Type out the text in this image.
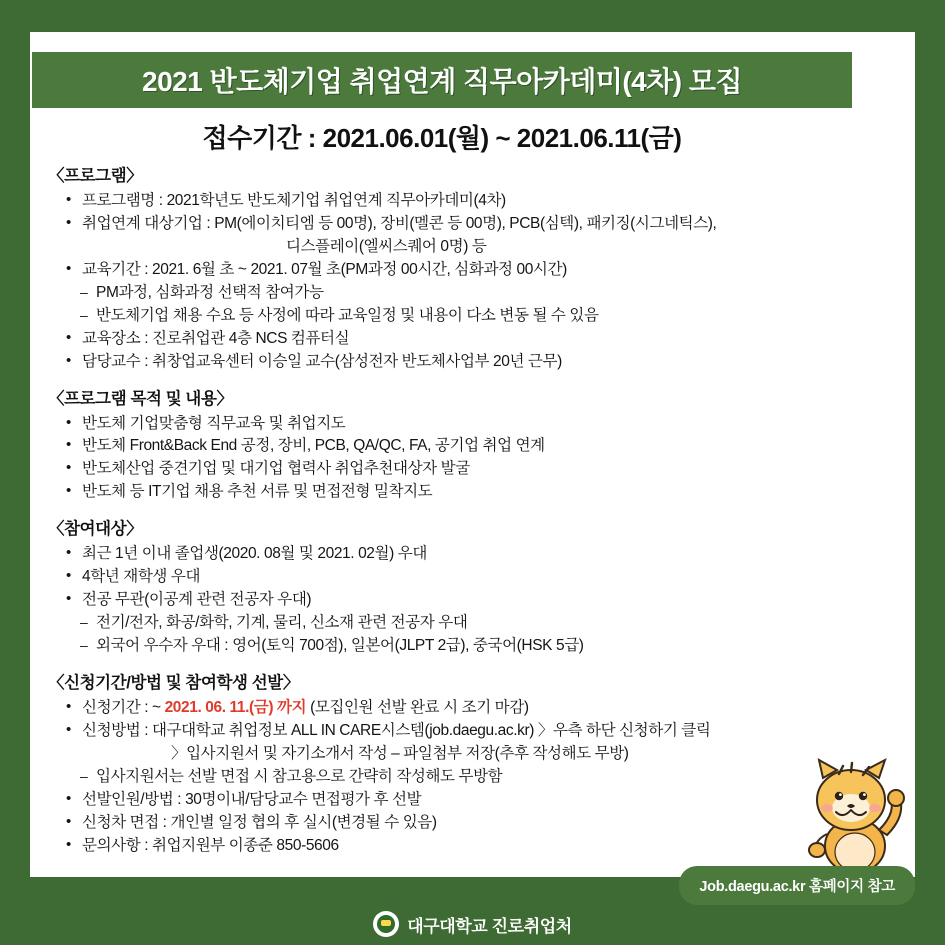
2021 반도체기업 취업연계 직무아카데미(4차) 모집
접수기간 : 2021.06.01(월) ~ 2021.06.11(금)
〈프로그램〉
• 프로그램명 : 2021학년도 반도체기업 취업연계 직무아카데미(4차)
• 취업연계 대상기업 : PM(에이치티엠 등 00명), 장비(멜콘 등 00명), PCB(심텍), 패키징(시그네틱스),
디스플레이(엘씨스퀘어 0명) 등
• 교육기간 : 2021. 6월 초 ~ 2021. 07월 초(PM과정 00시간, 심화과정 00시간)
– PM과정, 심화과정 선택적 참여가능
– 반도체기업 채용 수요 등 사정에 따라 교육일정 및 내용이 다소 변동 될 수 있음
• 교육장소 : 진로취업관 4층 NCS 컴퓨터실
• 담당교수 : 취창업교육센터 이승일 교수(삼성전자 반도체사업부 20년 근무)
〈프로그램 목적 및 내용〉
• 반도체 기업맞춤형 직무교육 및 취업지도
• 반도체 Front&Back End 공정, 장비, PCB, QA/QC, FA, 공기업 취업 연계
• 반도체산업 중견기업 및 대기업 협력사 취업추천대상자 발굴
• 반도체 등 IT기업 채용 추천 서류 및 면접전형 밀착지도
〈참여대상〉
• 최근 1년 이내 졸업생(2020. 08월 및 2021. 02월) 우대
• 4학년 재학생 우대
• 전공 무관(이공계 관련 전공자 우대)
– 전기/전자, 화공/화학, 기계, 물리, 신소재 관련 전공자 우대
– 외국어 우수자 우대 : 영어(토익 700점), 일본어(JLPT 2급), 중국어(HSK 5급)
〈신청기간/방법 및 참여학생 선발〉
• 신청기간 : ~ 2021. 06. 11.(금) 까지 (모집인원 선발 완료 시 조기 마감)
• 신청방법 : 대구대학교 취업정보 ALL IN CARE시스템(job.daegu.ac.kr) 〉우측 하단 신청하기 클릭
〉입사지원서 및 자기소개서 작성 – 파일첨부 저장(추후 작성해도 무방)
– 입사지원서는 선발 면접 시 참고용으로 간략히 작성해도 무방함
• 선발인원/방법 : 30명이내/담당교수 면접평가 후 선발
• 신청차 면접 : 개인별 일정 협의 후 실시(변경될 수 있음)
• 문의사항 : 취업지원부 이종준 850-5606
Job.daegu.ac.kr 홈페이지 참고
대구대학교 진로취업처
